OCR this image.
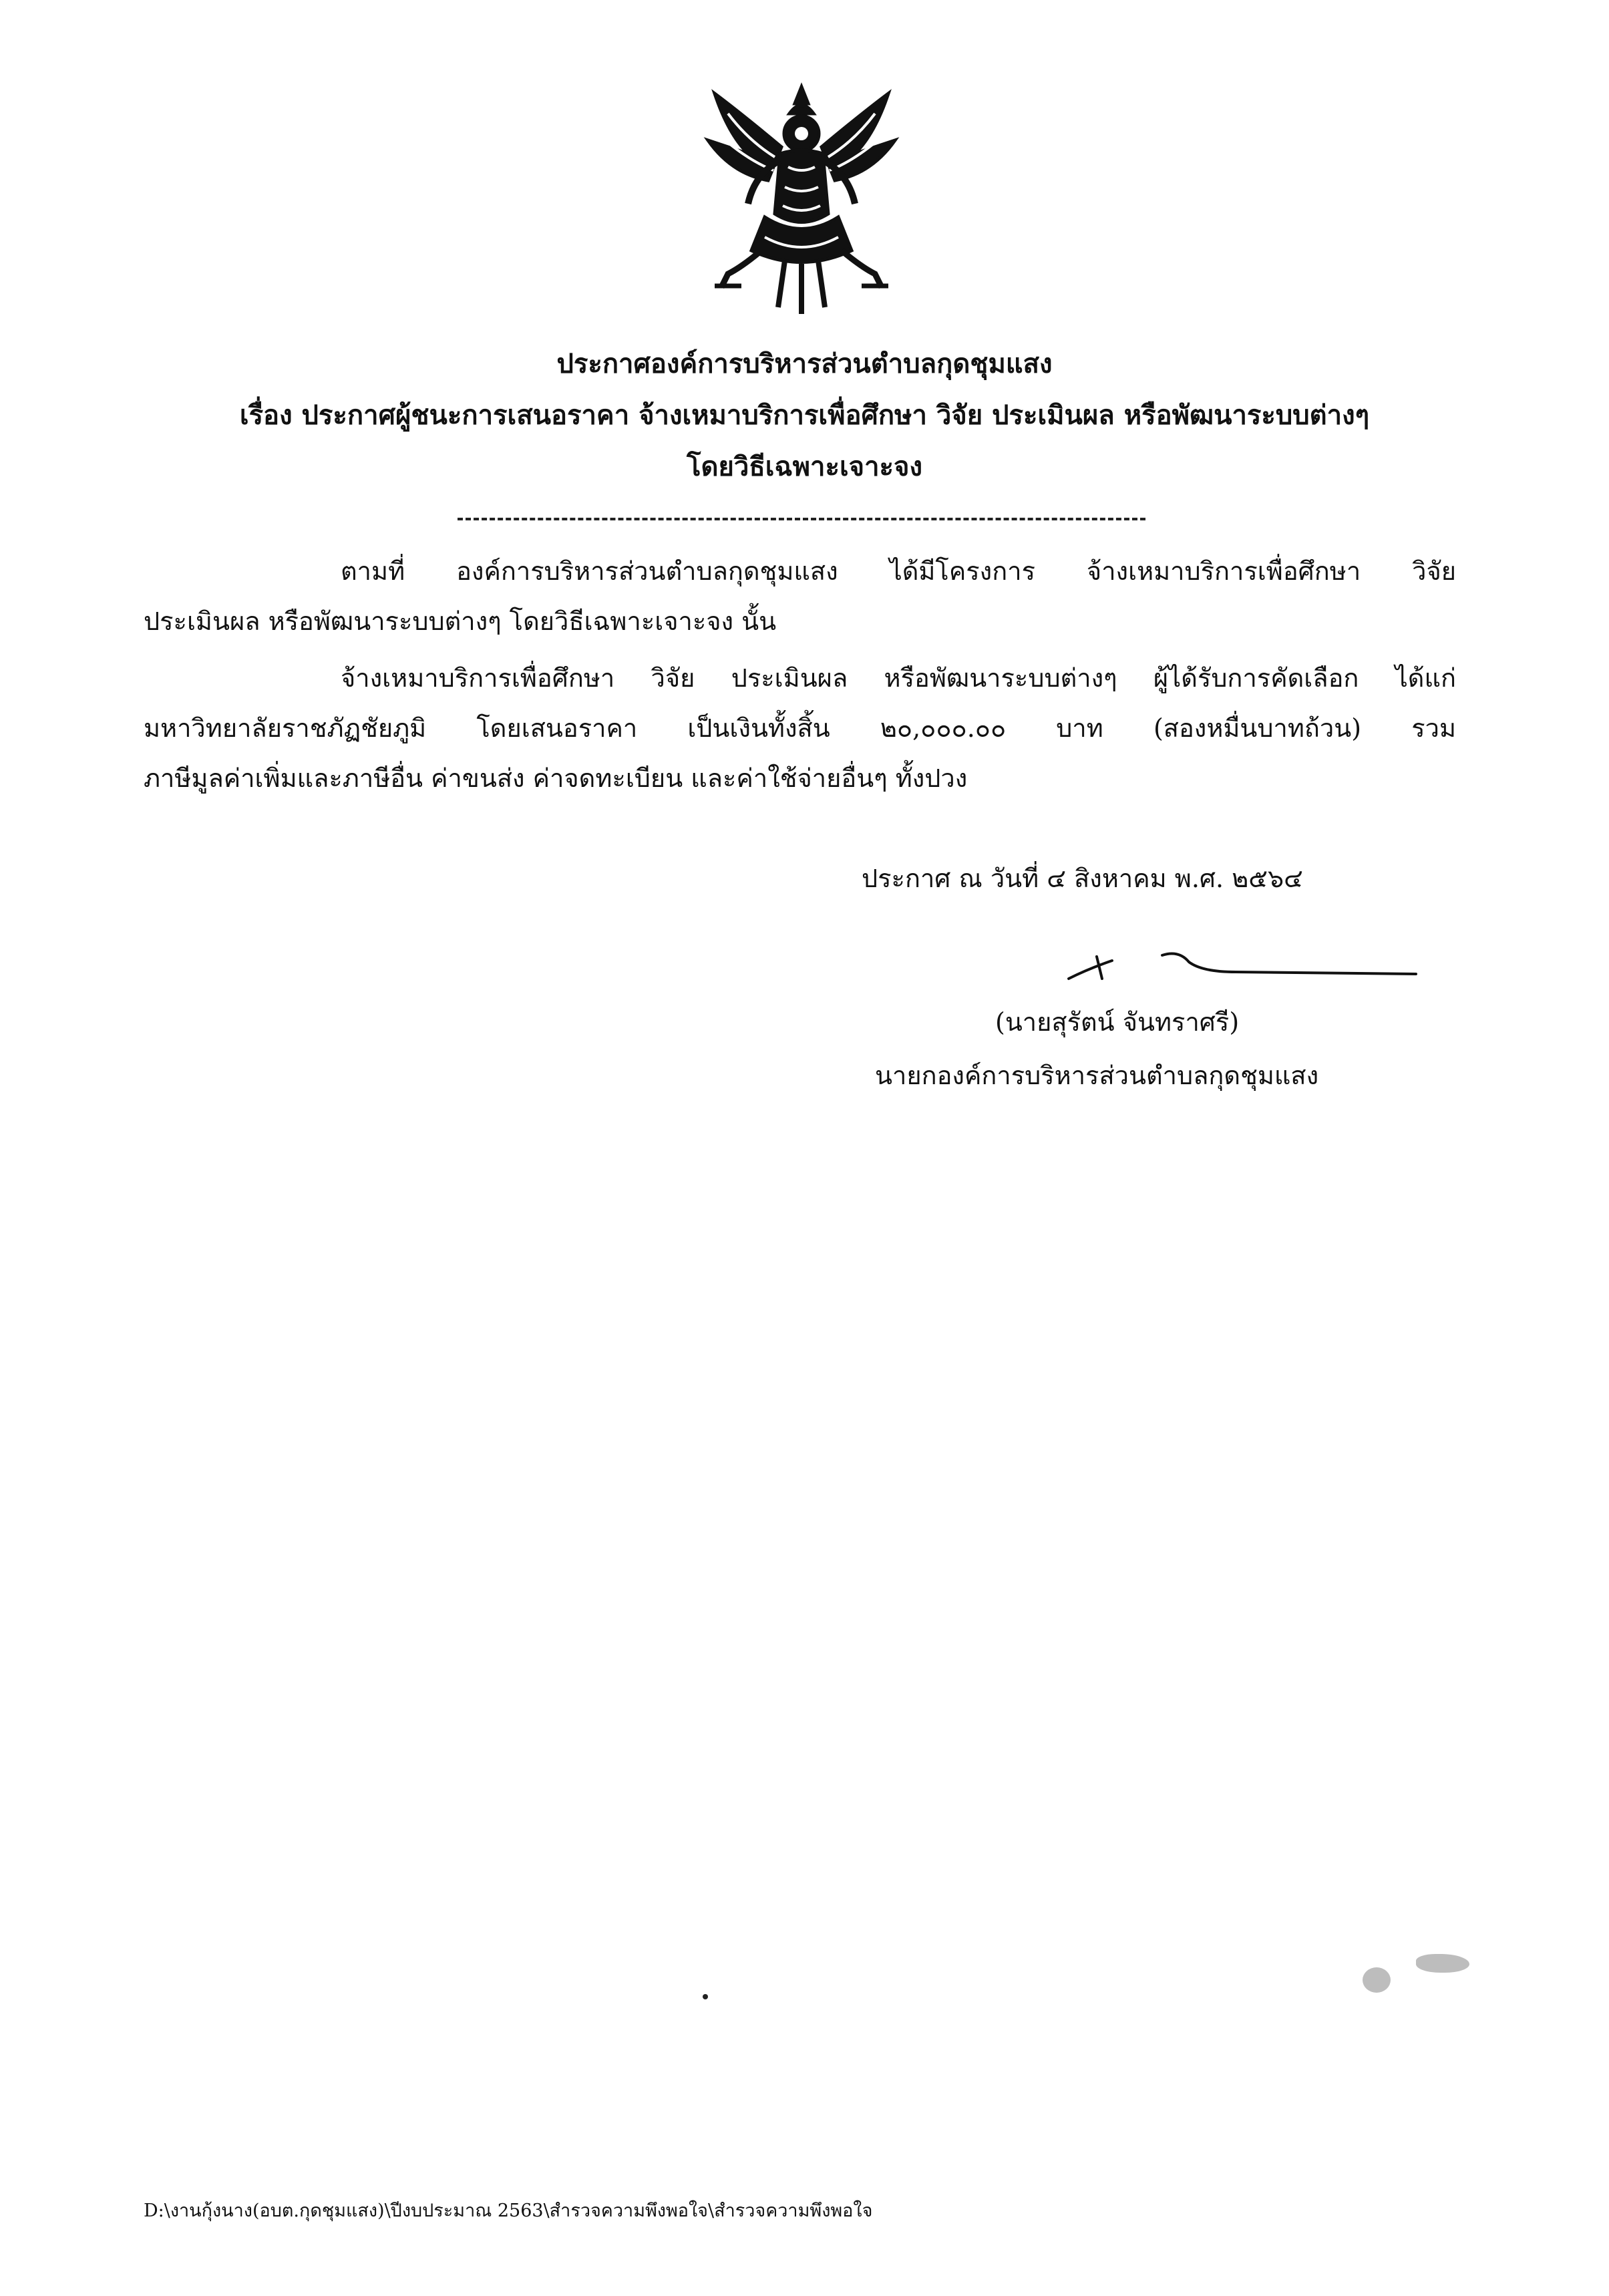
ประกาศองค์การบริหารส่วนตำบลกุดชุมแสง
เรื่อง ประกาศผู้ชนะการเสนอราคา จ้างเหมาบริการเพื่อศึกษา วิจัย ประเมินผล หรือพัฒนาระบบต่างๆ
โดยวิธีเฉพาะเจาะจง
ตามที่ องค์การบริหารส่วนตำบลกุดชุมแสง ได้มีโครงการ จ้างเหมาบริการเพื่อศึกษา วิจัย
ประเมินผล หรือพัฒนาระบบต่างๆ โดยวิธีเฉพาะเจาะจง นั้น
จ้างเหมาบริการเพื่อศึกษา วิจัย ประเมินผล หรือพัฒนาระบบต่างๆ ผู้ได้รับการคัดเลือก ได้แก่
มหาวิทยาลัยราชภัฏชัยภูมิ โดยเสนอราคา เป็นเงินทั้งสิ้น ๒๐,๐๐๐.๐๐ บาท (สองหมื่นบาทถ้วน) รวม
ภาษีมูลค่าเพิ่มและภาษีอื่น ค่าขนส่ง ค่าจดทะเบียน และค่าใช้จ่ายอื่นๆ ทั้งปวง
ประกาศ ณ วันที่ ๔ สิงหาคม พ.ศ. ๒๕๖๔
(นายสุรัตน์ จันทราศรี)
นายกองค์การบริหารส่วนตำบลกุดชุมแสง
D:\งานกุ้งนาง(อบต.กุดชุมแสง)\ปีงบประมาณ 2563\สำรวจความพึงพอใจ\สำรวจความพึงพอใจ
